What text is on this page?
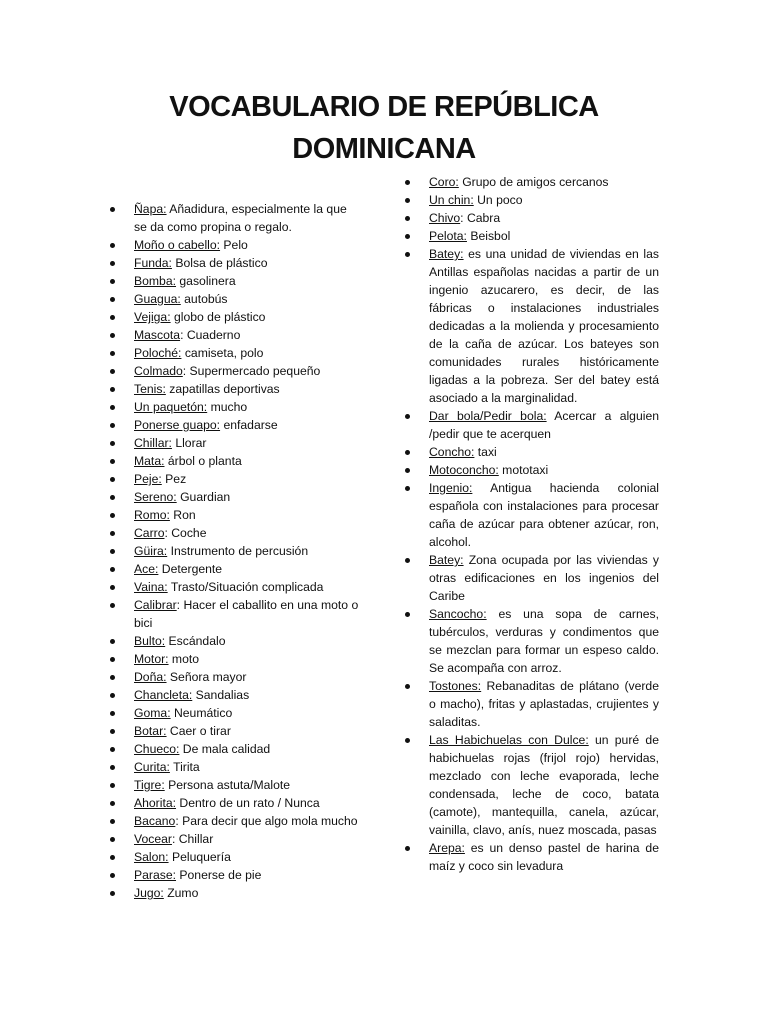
VOCABULARIO DE REPÚBLICA
DOMINICANA
Ñapa: Añadidura, especialmente la que se da como propina o regalo.
Moño o cabello: Pelo
Funda: Bolsa de plástico
Bomba: gasolinera
Guagua: autobús
Vejiga: globo de plástico
Mascota: Cuaderno
Poloché: camiseta, polo
Colmado: Supermercado pequeño
Tenis: zapatillas deportivas
Un paquetón: mucho
Ponerse guapo: enfadarse
Chillar: Llorar
Mata: árbol o planta
Peje: Pez
Sereno: Guardian
Romo: Ron
Carro: Coche
Güira: Instrumento de percusión
Ace: Detergente
Vaina: Trasto/Situación complicada
Calibrar: Hacer el caballito en una moto o bici
Bulto: Escándalo
Motor: moto
Doña: Señora mayor
Chancleta: Sandalias
Goma: Neumático
Botar: Caer o tirar
Chueco: De mala calidad
Curita: Tirita
Tigre: Persona astuta/Malote
Ahorita: Dentro de un rato / Nunca
Bacano: Para decir que algo mola mucho
Vocear: Chillar
Salon: Peluquería
Parase: Ponerse de pie
Jugo: Zumo
Coro: Grupo de amigos cercanos
Un chin: Un poco
Chivo: Cabra
Pelota: Beisbol
Batey: es una unidad de viviendas en las Antillas españolas nacidas a partir de un ingenio azucarero, es decir, de las fábricas o instalaciones industriales dedicadas a la molienda y procesamiento de la caña de azúcar. Los bateyes son comunidades rurales históricamente ligadas a la pobreza. Ser del batey está asociado a la marginalidad.
Dar bola/Pedir bola: Acercar a alguien /pedir que te acerquen
Concho: taxi
Motoconcho: mototaxi
Ingenio: Antigua hacienda colonial española con instalaciones para procesar caña de azúcar para obtener azúcar, ron, alcohol.
Batey: Zona ocupada por las viviendas y otras edificaciones en los ingenios del Caribe
Sancocho: es una sopa de carnes, tubérculos, verduras y condimentos que se mezclan para formar un espeso caldo. Se acompaña con arroz.
Tostones: Rebanaditas de plátano (verde o macho), fritas y aplastadas, crujientes y saladitas.
Las Habichuelas con Dulce: un puré de habichuelas rojas (frijol rojo) hervidas, mezclado con leche evaporada, leche condensada, leche de coco, batata (camote), mantequilla, canela, azúcar, vainilla, clavo, anís, nuez moscada, pasas
Arepa: es un denso pastel de harina de maíz y coco sin levadura
